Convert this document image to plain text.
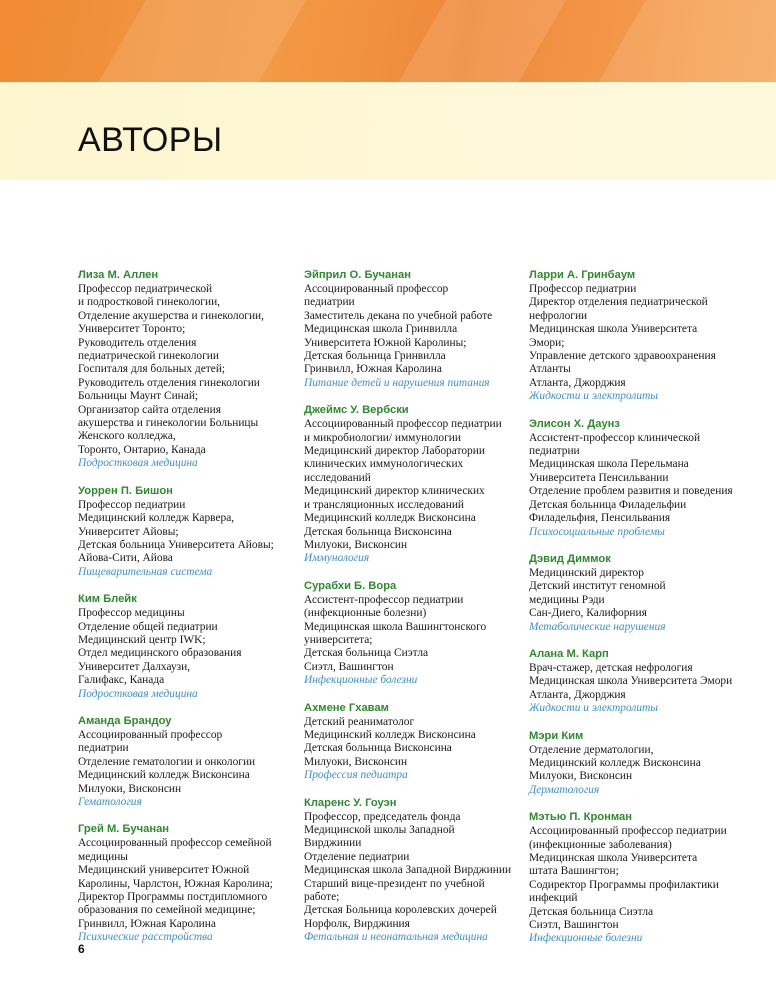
АВТОРЫ
Лиза М. Аллен
Профессор педиатрической
и подростковой гинекологии,
Отделение акушерства и гинекологии,
Университет Торонто;
Руководитель отделения
педиатрической гинекологии
Госпиталя для больных детей;
Руководитель отделения гинекологии
Больницы Маунт Синай;
Организатор сайта отделения
акушерства и гинекологии Больницы
Женского колледжа,
Торонто, Онтарио, Канада
Подростковая медицина
Уоррен П. Бишон
Профессор педиатрии
Медицинский колледж Карвера,
Университет Айовы;
Детская больница Университета Айовы;
Айова-Сити, Айова
Пищеварительная система
Ким Блейк
Профессор медицины
Отделение общей педиатрии
Медицинский центр IWK;
Отдел медицинского образования
Университет Далхаузи,
Галифакс, Канада
Подростковая медицина
Аманда Брандоу
Ассоциированный профессор
педиатрии
Отделение гематологии и онкологии
Медицинский колледж Висконсина
Милуоки, Висконсин
Гематология
Грей М. Бучанан
Ассоциированный профессор семейной
медицины
Медицинский университет Южной
Каролины, Чарлстон, Южная Каролина;
Директор Программы постдипломного
образования по семейной медицине;
Гринвилл, Южная Каролина
Психические расстройства
Эйприл О. Бучанан
Ассоциированный профессор
педиатрии
Заместитель декана по учебной работе
Медицинская школа Гринвилла
Университета Южной Каролины;
Детская больница Гринвилла
Гринвилл, Южная Каролина
Питание детей и нарушения питания
Джеймс У. Вербски
Ассоциированный профессор педиатрии
и микробиологии/ иммунологии
Медицинский директор Лаборатории
клинических иммунологических
исследований
Медицинский директор клинических
и трансляционных исследований
Медицинский колледж Висконсина
Детская больница Висконсина
Милуоки, Висконсин
Иммунология
Сурабхи Б. Вора
Ассистент-профессор педиатрии
(инфекционные болезни)
Медицинская школа Вашингтонского
университета;
Детская больница Сиэтла
Сиэтл, Вашингтон
Инфекционные болезни
Ахмене Гхавам
Детский реаниматолог
Медицинский колледж Висконсина
Детская больница Висконсина
Милуоки, Висконсин
Профессия педиатра
Кларенс У. Гоуэн
Профессор, председатель фонда
Медицинской школы Западной
Вирджинии
Отделение педиатрии
Медицинская школа Западной Вирджинии
Старший вице-президент по учебной
работе;
Детская Больница королевских дочерей
Норфолк, Вирджиния
Фетальная и неонатальная медицина
Ларри А. Гринбаум
Профессор педиатрии
Директор отделения педиатрической
нефрологии
Медицинская школа Университета
Эмори;
Управление детского здравоохранения
Атланты
Атланта, Джорджия
Жидкости и электролиты
Элисон Х. Даунз
Ассистент-профессор клинической
педиатрии
Медицинская школа Перельмана
Университета Пенсильвании
Отделение проблем развития и поведения
Детская больница Филадельфии
Филадельфия, Пенсильвания
Психосоциальные проблемы
Дэвид Диммок
Медицинский директор
Детский институт геномной
медицины Рэди
Сан-Диего, Калифорния
Метаболические нарушения
Алана М. Карп
Врач-стажер, детская нефрология
Медицинская школа Университета Эмори
Атланта, Джорджия
Жидкости и электролиты
Мэри Ким
Отделение дерматологии,
Медицинский колледж Висконсина
Милуоки, Висконсин
Дерматология
Мэтью П. Кронман
Ассоциированный профессор педиатрии
(инфекционные заболевания)
Медицинская школа Университета
штата Вашингтон;
Содиректор Программы профилактики
инфекций
Детская больница Сиэтла
Сиэтл, Вашингтон
Инфекционные болезни
6
